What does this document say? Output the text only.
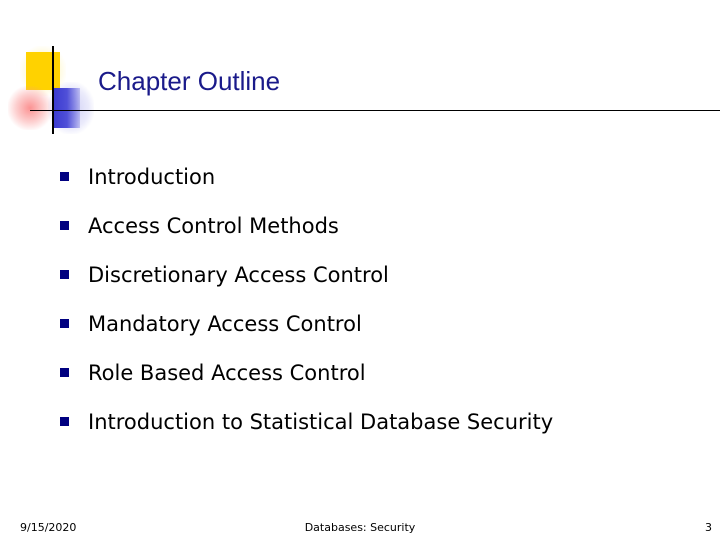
Chapter Outline
Introduction
Access Control Methods
Discretionary Access Control
Mandatory Access Control
Role Based Access Control
Introduction to Statistical Database Security
9/15/2020	Databases: Security	3
